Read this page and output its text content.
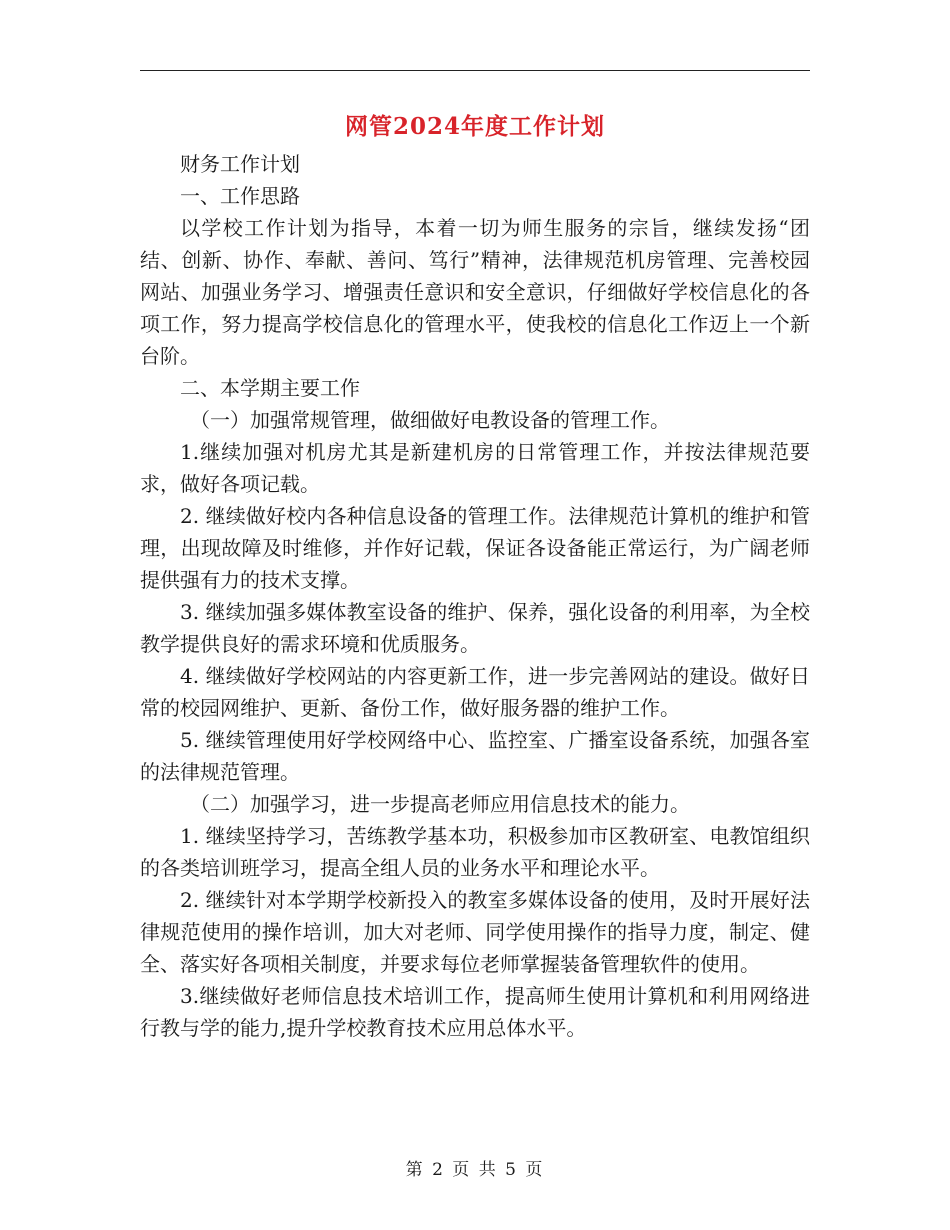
网管2024年度工作计划

财务工作计划

一、工作思路

以学校工作计划为指导，本着一切为师生服务的宗旨，继续发扬“团结、创新、协作、奉献、善问、笃行”精神，法律规范机房管理、完善校园网站、加强业务学习、增强责任意识和安全意识，仔细做好学校信息化的各项工作，努力提高学校信息化的管理水平，使我校的信息化工作迈上一个新台阶。

二、本学期主要工作

（一）加强常规管理，做细做好电教设备的管理工作。

1.继续加强对机房尤其是新建机房的日常管理工作，并按法律规范要求，做好各项记载。

2. 继续做好校内各种信息设备的管理工作。法律规范计算机的维护和管理，出现故障及时维修，并作好记载，保证各设备能正常运行，为广阔老师提供强有力的技术支撑。

3. 继续加强多媒体教室设备的维护、保养，强化设备的利用率，为全校教学提供良好的需求环境和优质服务。

4. 继续做好学校网站的内容更新工作，进一步完善网站的建设。做好日常的校园网维护、更新、备份工作，做好服务器的维护工作。

5. 继续管理使用好学校网络中心、监控室、广播室设备系统，加强各室的法律规范管理。

（二）加强学习，进一步提高老师应用信息技术的能力。

1. 继续坚持学习，苦练教学基本功，积极参加市区教研室、电教馆组织的各类培训班学习，提高全组人员的业务水平和理论水平。

2. 继续针对本学期学校新投入的教室多媒体设备的使用，及时开展好法律规范使用的操作培训，加大对老师、同学使用操作的指导力度，制定、健全、落实好各项相关制度，并要求每位老师掌握装备管理软件的使用。

3.继续做好老师信息技术培训工作，提高师生使用计算机和利用网络进行教与学的能力,提升学校教育技术应用总体水平。

第 2 页 共 5 页
